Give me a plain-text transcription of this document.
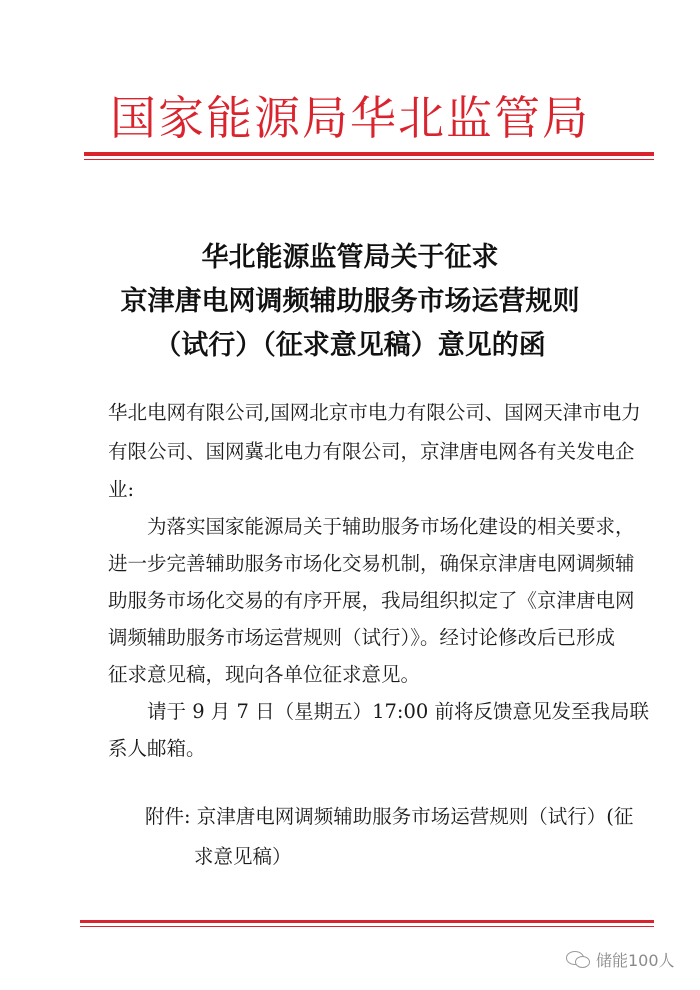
国家能源局华北监管局
华北能源监管局关于征求
京津唐电网调频辅助服务市场运营规则
（试行）（征求意见稿）意见的函
华北电网有限公司,国网北京市电力有限公司、国网天津市电力
有限公司、国网冀北电力有限公司，京津唐电网各有关发电企
业:
为落实国家能源局关于辅助服务市场化建设的相关要求，
进一步完善辅助服务市场化交易机制，确保京津唐电网调频辅
助服务市场化交易的有序开展，我局组织拟定了《京津唐电网
调频辅助服务市场运营规则（试行）》。经讨论修改后已形成
征求意见稿，现向各单位征求意见。
请于 9 月 7 日（星期五）17:00 前将反馈意见发至我局联
系人邮箱。
附件: 京津唐电网调频辅助服务市场运营规则（试行）(征
求意见稿）
储能100人
